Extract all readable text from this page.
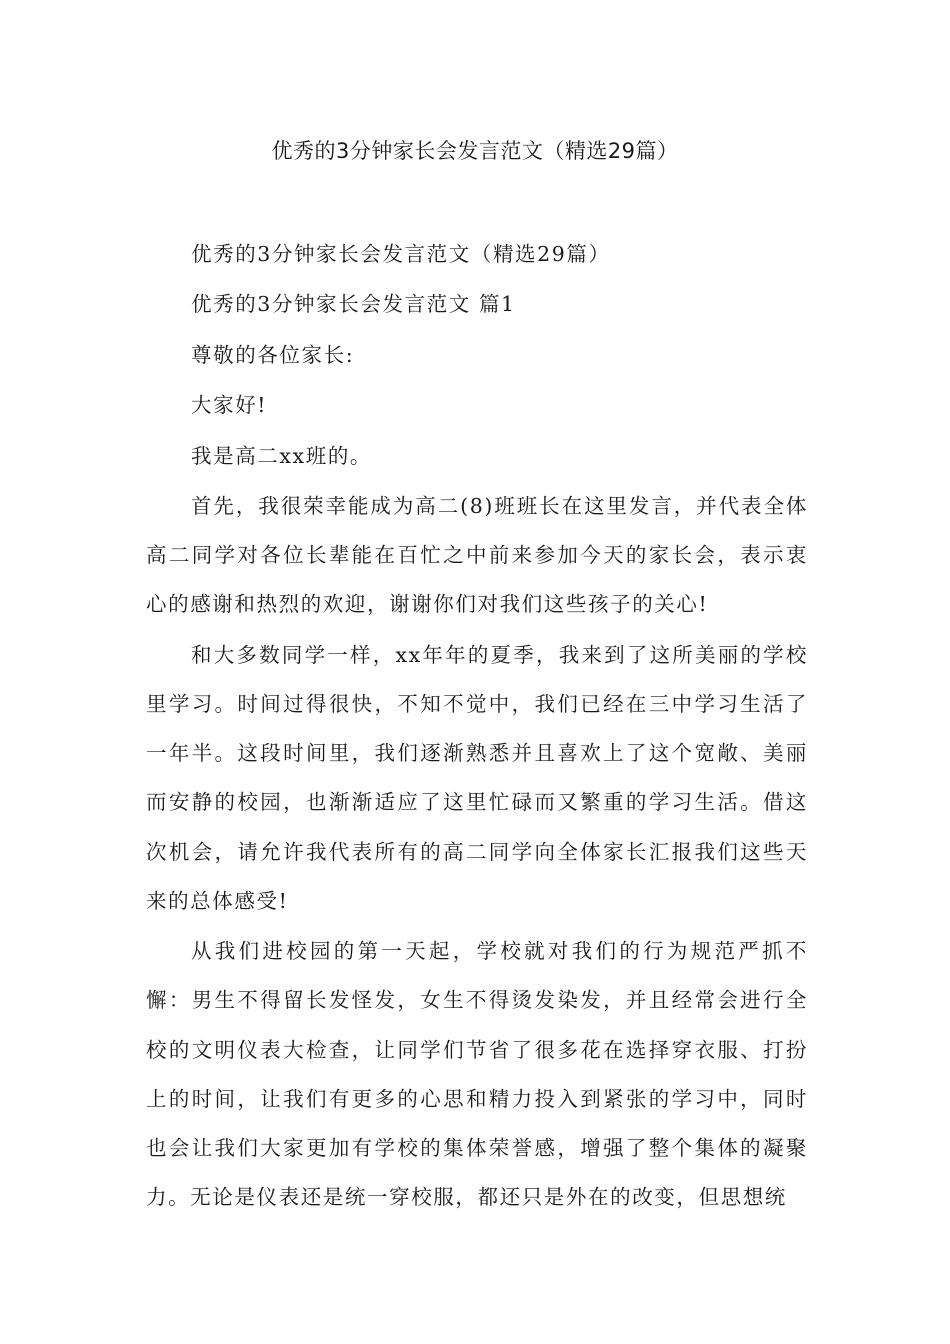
优秀的3分钟家长会发言范文（精选29篇）

优秀的3分钟家长会发言范文（精选29篇）

优秀的3分钟家长会发言范文 篇1

尊敬的各位家长:

大家好!

我是高二xx班的。

首先，我很荣幸能成为高二(8)班班长在这里发言，并代表全体高二同学对各位长辈能在百忙之中前来参加今天的家长会，表示衷心的感谢和热烈的欢迎，谢谢你们对我们这些孩子的关心!

和大多数同学一样，xx年年的夏季，我来到了这所美丽的学校里学习。时间过得很快，不知不觉中，我们已经在三中学习生活了一年半。这段时间里，我们逐渐熟悉并且喜欢上了这个宽敞、美丽而安静的校园，也渐渐适应了这里忙碌而又繁重的学习生活。借这次机会，请允许我代表所有的高二同学向全体家长汇报我们这些天来的总体感受!

从我们进校园的第一天起，学校就对我们的行为规范严抓不懈：男生不得留长发怪发，女生不得烫发染发，并且经常会进行全校的文明仪表大检查，让同学们节省了很多花在选择穿衣服、打扮上的时间，让我们有更多的心思和精力投入到紧张的学习中，同时也会让我们大家更加有学校的集体荣誉感，增强了整个集体的凝聚力。无论是仪表还是统一穿校服，都还只是外在的改变，但思想统
